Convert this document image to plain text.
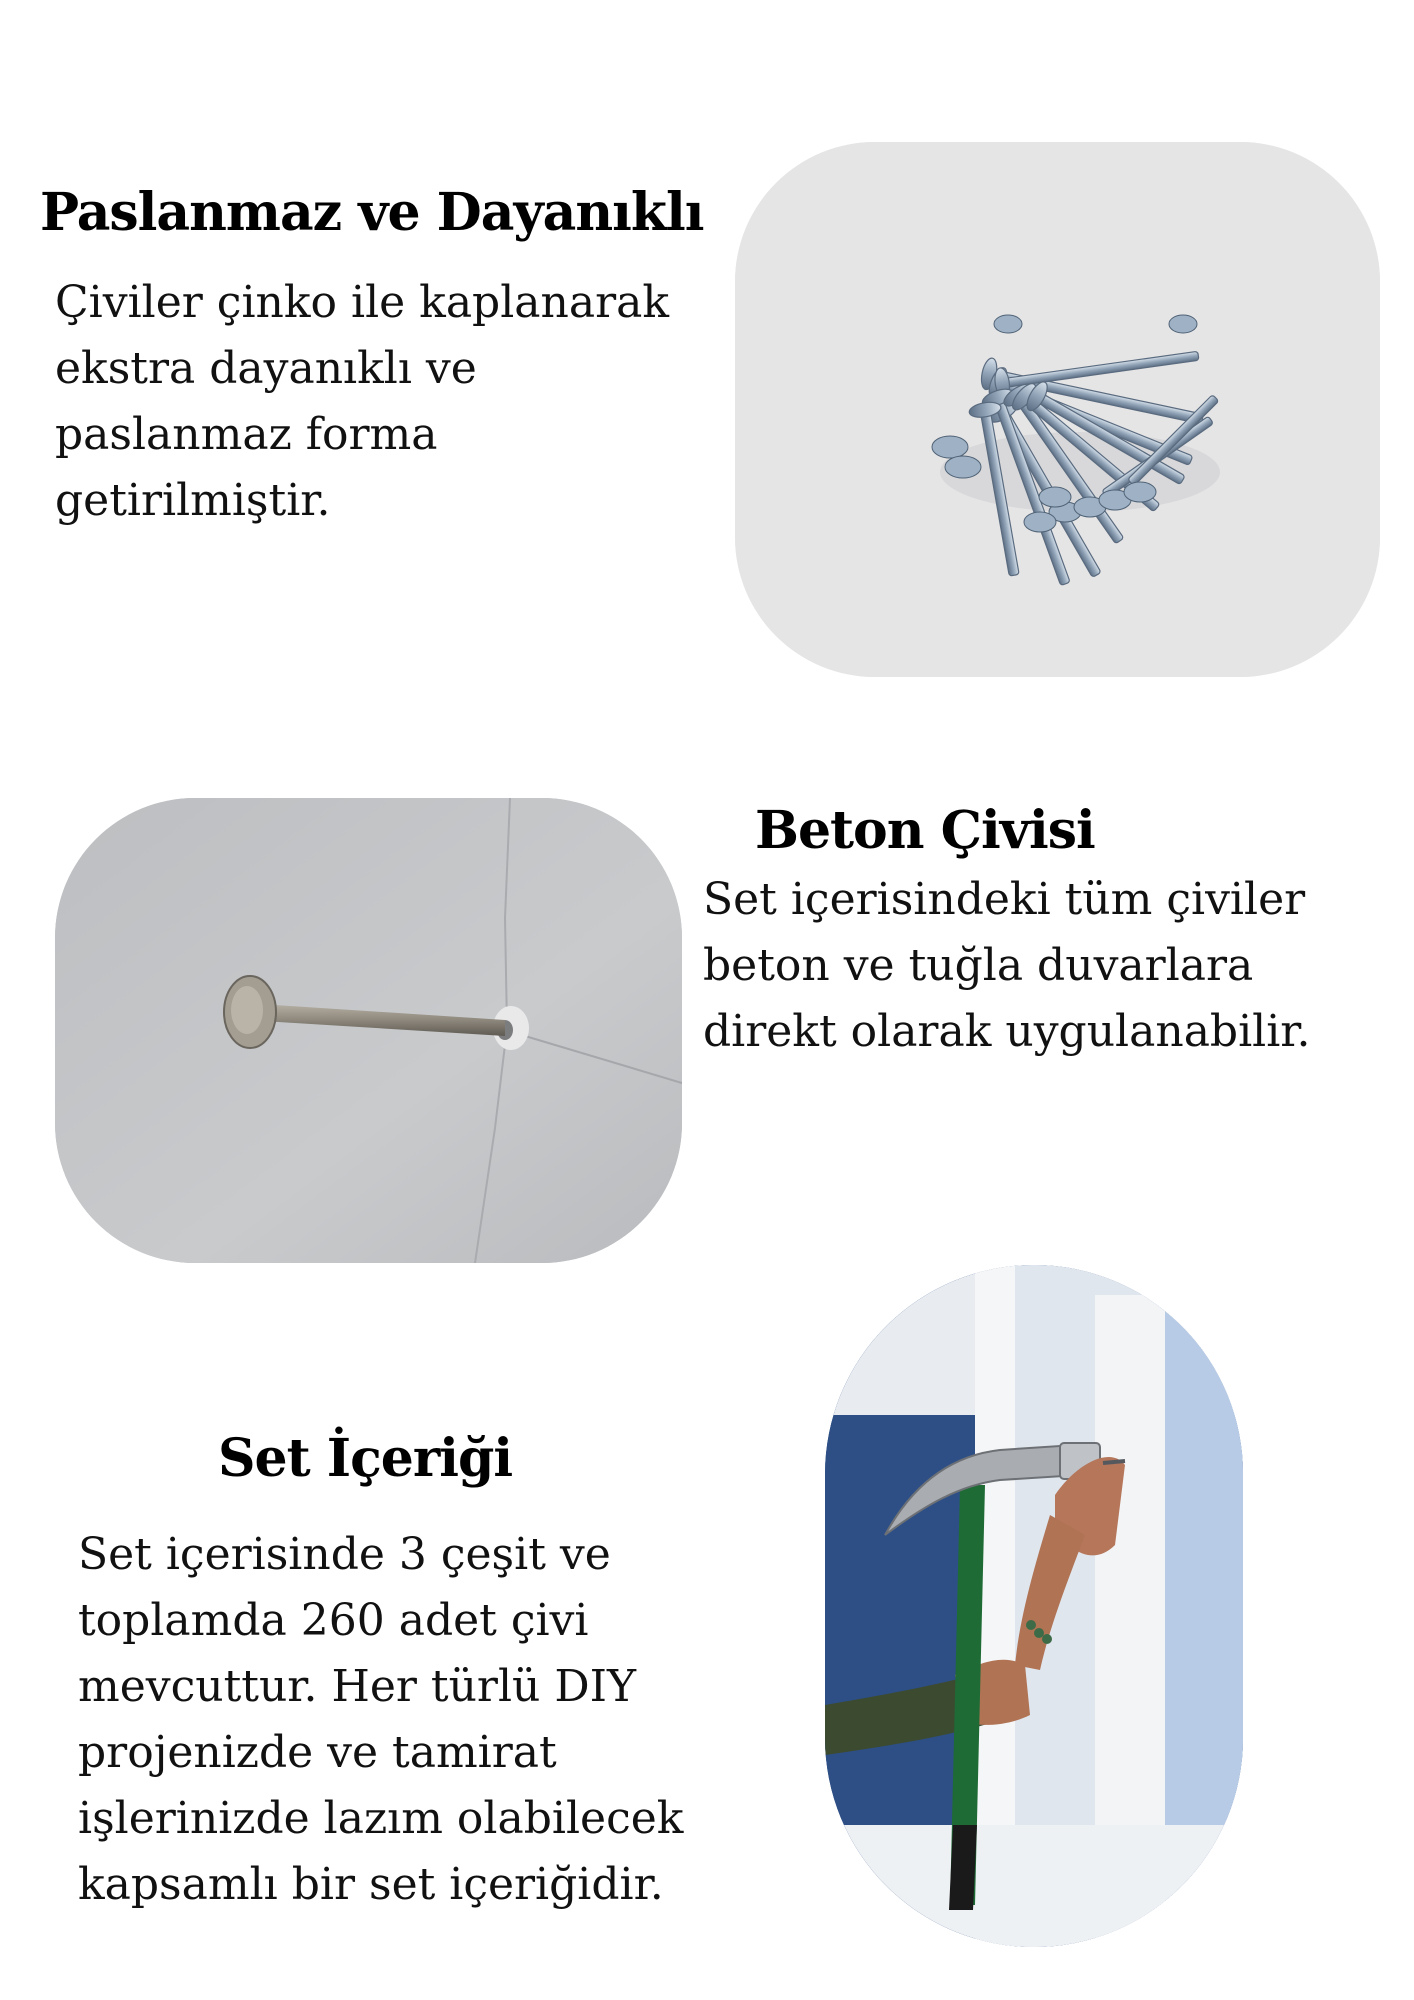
Paslanmaz ve Dayanıklı

Çiviler çinko ile kaplanarak
ekstra dayanıklı ve
paslanmaz forma
getirilmiştir.

Beton Çivisi

Set içerisindeki tüm çiviler
beton ve tuğla duvarlara
direkt olarak uygulanabilir.

Set İçeriği

Set içerisinde 3 çeşit ve
toplamda 260 adet çivi
mevcuttur. Her türlü DIY
projenizde ve tamirat
işlerinizde lazım olabilecek
kapsamlı bir set içeriğidir.
